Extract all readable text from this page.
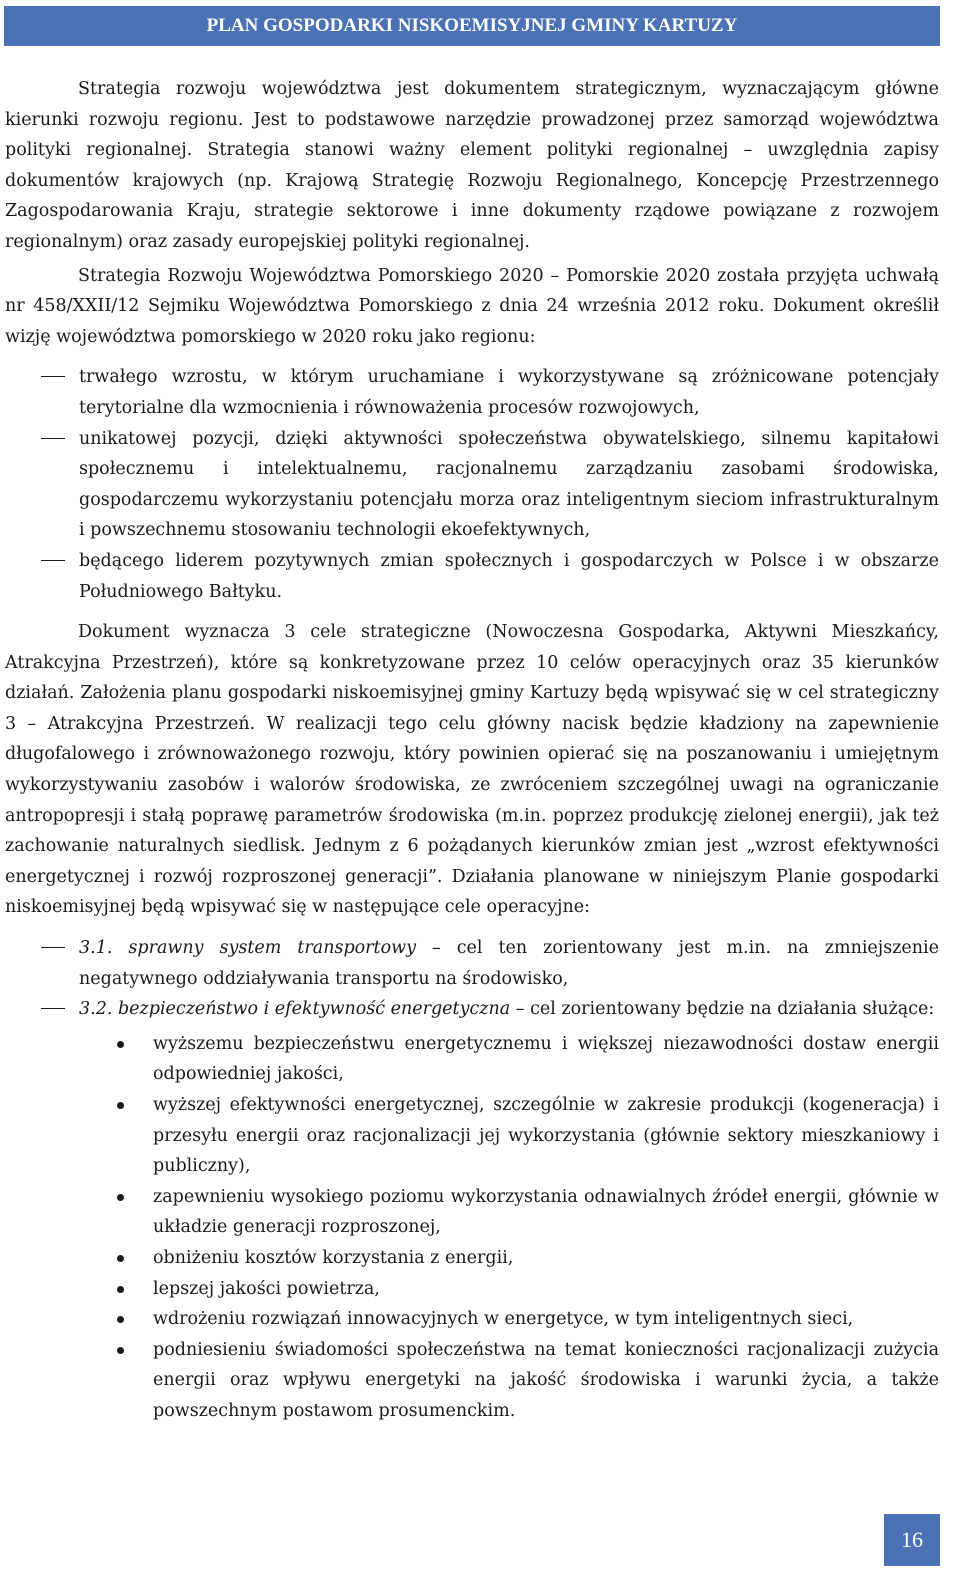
PLAN GOSPODARKI NISKOEMISYJNEJ GMINY KARTUZY

Strategia rozwoju województwa jest dokumentem strategicznym, wyznaczającym główne kierunki rozwoju regionu. Jest to podstawowe narzędzie prowadzonej przez samorząd województwa polityki regionalnej. Strategia stanowi ważny element polityki regionalnej – uwzględnia zapisy dokumentów krajowych (np. Krajową Strategię Rozwoju Regionalnego, Koncepcję Przestrzennego Zagospodarowania Kraju, strategie sektorowe i inne dokumenty rządowe powiązane z rozwojem regionalnym) oraz zasady europejskiej polityki regionalnej.

Strategia Rozwoju Województwa Pomorskiego 2020 – Pomorskie 2020 została przyjęta uchwałą nr 458/XXII/12 Sejmiku Województwa Pomorskiego z dnia 24 września 2012 roku. Dokument określił wizję województwa pomorskiego w 2020 roku jako regionu:

trwałego wzrostu, w którym uruchamiane i wykorzystywane są zróżnicowane potencjały terytorialne dla wzmocnienia i równoważenia procesów rozwojowych,
unikatowej pozycji, dzięki aktywności społeczeństwa obywatelskiego, silnemu kapitałowi społecznemu i intelektualnemu, racjonalnemu zarządzaniu zasobami środowiska, gospodarczemu wykorzystaniu potencjału morza oraz inteligentnym sieciom infrastrukturalnym i powszechnemu stosowaniu technologii ekoefektywnych,
będącego liderem pozytywnych zmian społecznych i gospodarczych w Polsce i w obszarze Południowego Bałtyku.

Dokument wyznacza 3 cele strategiczne (Nowoczesna Gospodarka, Aktywni Mieszkańcy, Atrakcyjna Przestrzeń), które są konkretyzowane przez 10 celów operacyjnych oraz 35 kierunków działań. Założenia planu gospodarki niskoemisyjnej gminy Kartuzy będą wpisywać się w cel strategiczny 3 – Atrakcyjna Przestrzeń. W realizacji tego celu główny nacisk będzie kładziony na zapewnienie długofalowego i zrównoważonego rozwoju, który powinien opierać się na poszanowaniu i umiejętnym wykorzystywaniu zasobów i walorów środowiska, ze zwróceniem szczególnej uwagi na ograniczanie antropopresji i stałą poprawę parametrów środowiska (m.in. poprzez produkcję zielonej energii), jak też zachowanie naturalnych siedlisk. Jednym z 6 pożądanych kierunków zmian jest „wzrost efektywności energetycznej i rozwój rozproszonej generacji”. Działania planowane w niniejszym Planie gospodarki niskoemisyjnej będą wpisywać się w następujące cele operacyjne:

3.1. sprawny system transportowy – cel ten zorientowany jest m.in. na zmniejszenie negatywnego oddziaływania transportu na środowisko,
3.2. bezpieczeństwo i efektywność energetyczna – cel zorientowany będzie na działania służące:
wyższemu bezpieczeństwu energetycznemu i większej niezawodności dostaw energii odpowiedniej jakości,
wyższej efektywności energetycznej, szczególnie w zakresie produkcji (kogeneracja) i przesyłu energii oraz racjonalizacji jej wykorzystania (głównie sektory mieszkaniowy i publiczny),
zapewnieniu wysokiego poziomu wykorzystania odnawialnych źródeł energii, głównie w układzie generacji rozproszonej,
obniżeniu kosztów korzystania z energii,
lepszej jakości powietrza,
wdrożeniu rozwiązań innowacyjnych w energetyce, w tym inteligentnych sieci,
podniesieniu świadomości społeczeństwa na temat konieczności racjonalizacji zużycia energii oraz wpływu energetyki na jakość środowiska i warunki życia, a także powszechnym postawom prosumenckim.
16
